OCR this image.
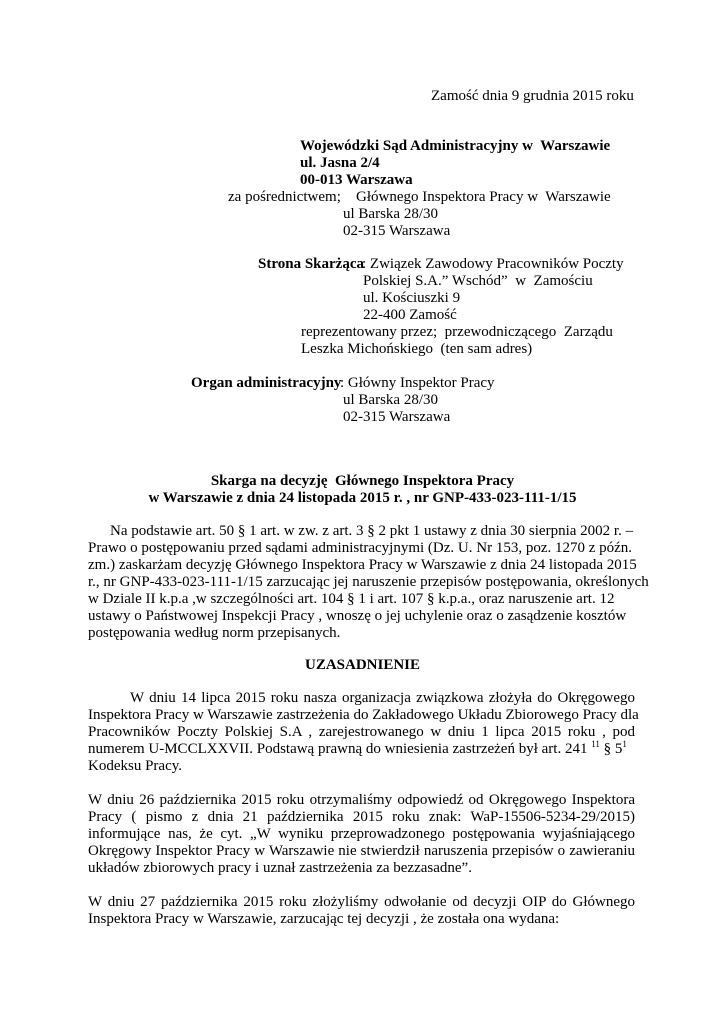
Zamość dnia 9 grudnia 2015 roku
Wojewódzki Sąd Administracyjny w  Warszawie
ul. Jasna 2/4
00-013 Warszawa
za pośrednictwem; Głównego Inspektora Pracy w  Warszawie
ul Barska 28/30
02-315 Warszawa
Strona Skarżąca
: Związek Zawodowy Pracowników Poczty
Polskiej S.A.” Wschód”  w  Zamościu
ul. Kościuszki 9
22-400 Zamość
reprezentowany przez;  przewodniczącego  Zarządu
Leszka Michońskiego  (ten sam adres)
Organ administracyjny
: Główny Inspektor Pracy
ul Barska 28/30
02-315 Warszawa
Skarga na decyzję  Głównego Inspektora Pracy
w Warszawie z dnia 24 listopada 2015 r. , nr GNP-433-023-111-1/15
Na podstawie art. 50 § 1 art. w zw. z art. 3 § 2 pkt 1 ustawy z dnia 30 sierpnia 2002 r. –
Prawo o postępowaniu przed sądami administracyjnymi (Dz. U. Nr 153, poz. 1270 z późn.
zm.) zaskarżam decyzję Głównego Inspektora Pracy w Warszawie z dnia 24 listopada 2015
r., nr GNP-433-023-111-1/15 zarzucając jej naruszenie przepisów postępowania, określonych
w Dziale II k.p.a ,w szczególności art. 104 § 1 i art. 107 § k.p.a., oraz naruszenie art. 12
ustawy o Państwowej Inspekcji Pracy , wnoszę o jej uchylenie oraz o zasądzenie kosztów
postępowania według norm przepisanych.
UZASADNIENIE
W dniu 14 lipca 2015 roku nasza organizacja związkowa złożyła do Okręgowego
Inspektora Pracy w Warszawie zastrzeżenia do Zakładowego Układu Zbiorowego Pracy dla
Pracowników Poczty Polskiej S.A , zarejestrowanego w dniu 1 lipca 2015 roku , pod
numerem U-MCCLXXVII. Podstawą prawną do wniesienia zastrzeżeń był art. 241 $^{11}$ § $5^1$
Kodeksu Pracy.
W dniu 26 października 2015 roku otrzymaliśmy odpowiedź od Okręgowego Inspektora
Pracy ( pismo z dnia 21 października 2015 roku znak: WaP-15506-5234-29/2015)
informujące nas, że cyt. „W wyniku przeprowadzonego postępowania wyjaśniającego
Okręgowy Inspektor Pracy w Warszawie nie stwierdził naruszenia przepisów o zawieraniu
układów zbiorowych pracy i uznał zastrzeżenia za bezzasadne”.
W dniu 27 października 2015 roku złożyliśmy odwołanie od decyzji OIP do Głównego
Inspektora Pracy w Warszawie, zarzucając tej decyzji , że została ona wydana:
